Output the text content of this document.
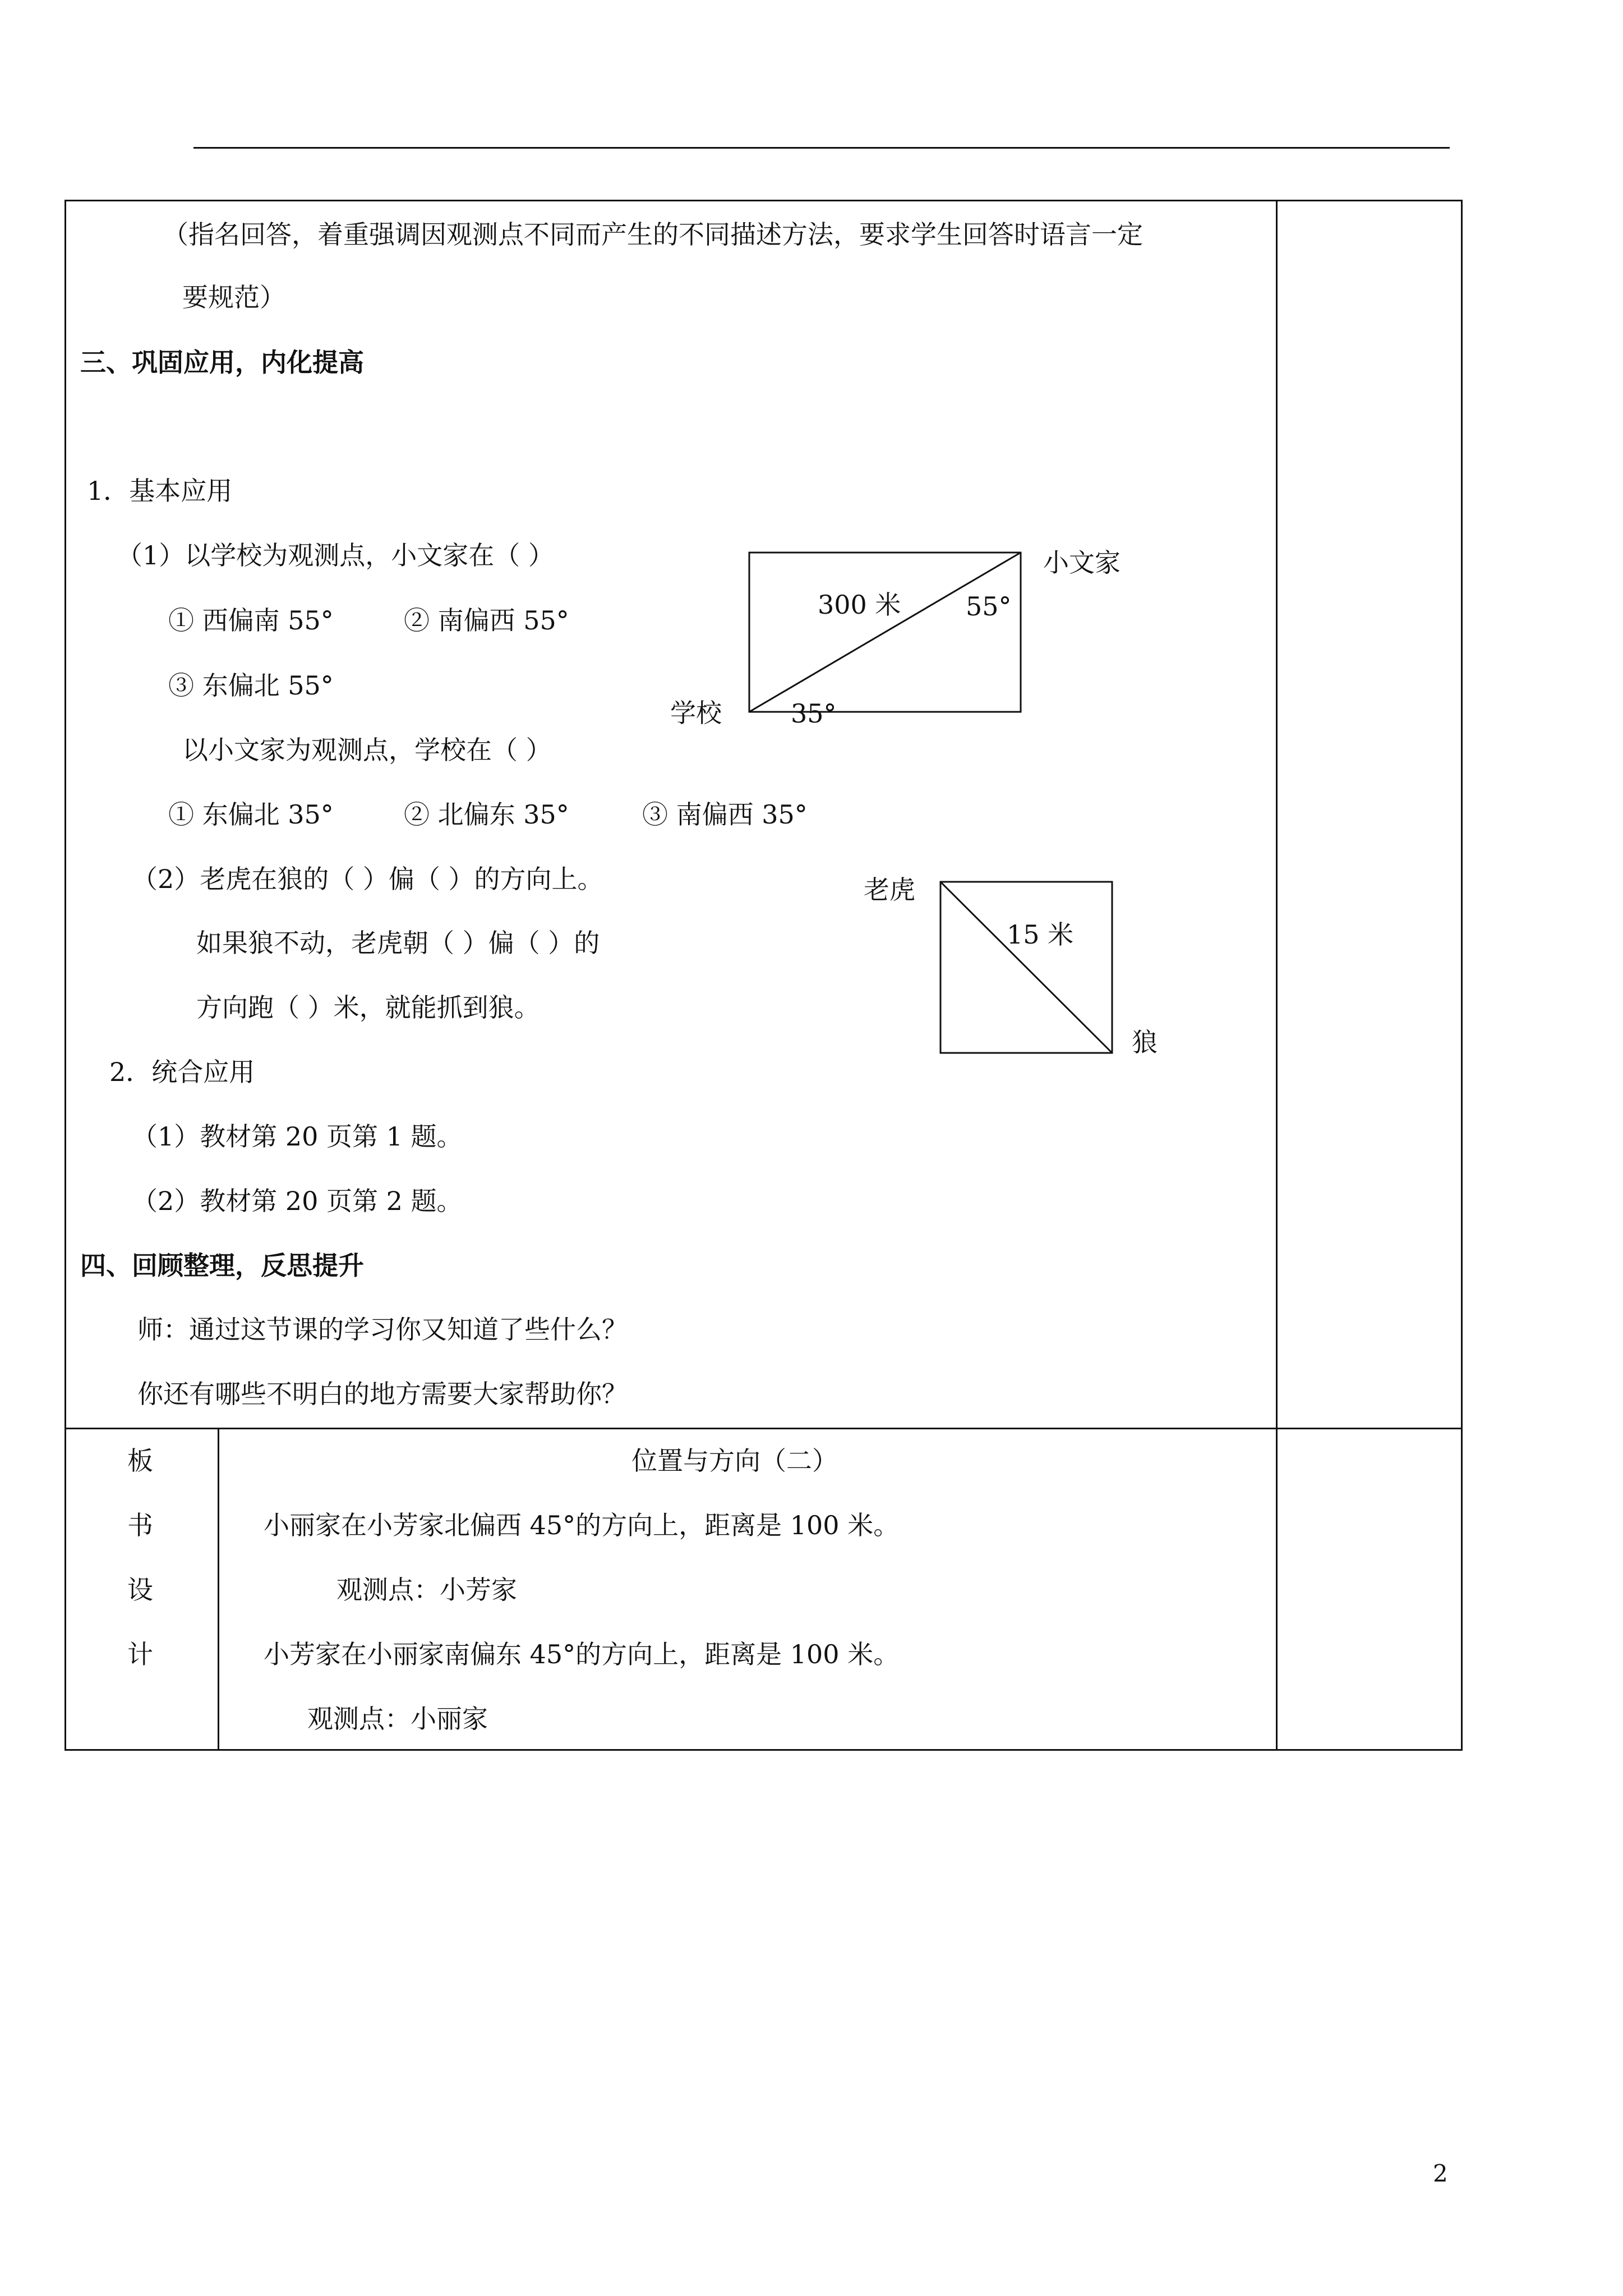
（指名回答，着重强调因观测点不同而产生的不同描述方法，要求学生回答时语言一定
要规范）
三、巩固应用，内化提高
1．基本应用
（1）以学校为观测点，小文家在（ ）
① 西偏南 55°	② 南偏西 55°
③ 东偏北 55°
以小文家为观测点，学校在（ ）
① 东偏北 35°	② 北偏东 35°	③ 南偏西 35°
（2）老虎在狼的（ ）偏（ ）的方向上。
如果狼不动，老虎朝（ ）偏（ ）的
方向跑（ ）米，就能抓到狼。
2．统合应用
（1）教材第 20 页第 1 题。
（2）教材第 20 页第 2 题。
四、回顾整理，反思提升
师：通过这节课的学习你又知道了些什么？
你还有哪些不明白的地方需要大家帮助你？
学校
小文家
300 米	55°
35°
老虎
狼
15 米
板
书
设
计
位置与方向（二）
小丽家在小芳家北偏西 45°的方向上，距离是 100 米。
观测点：小芳家
小芳家在小丽家南偏东 45°的方向上，距离是 100 米。
观测点：小丽家
2
